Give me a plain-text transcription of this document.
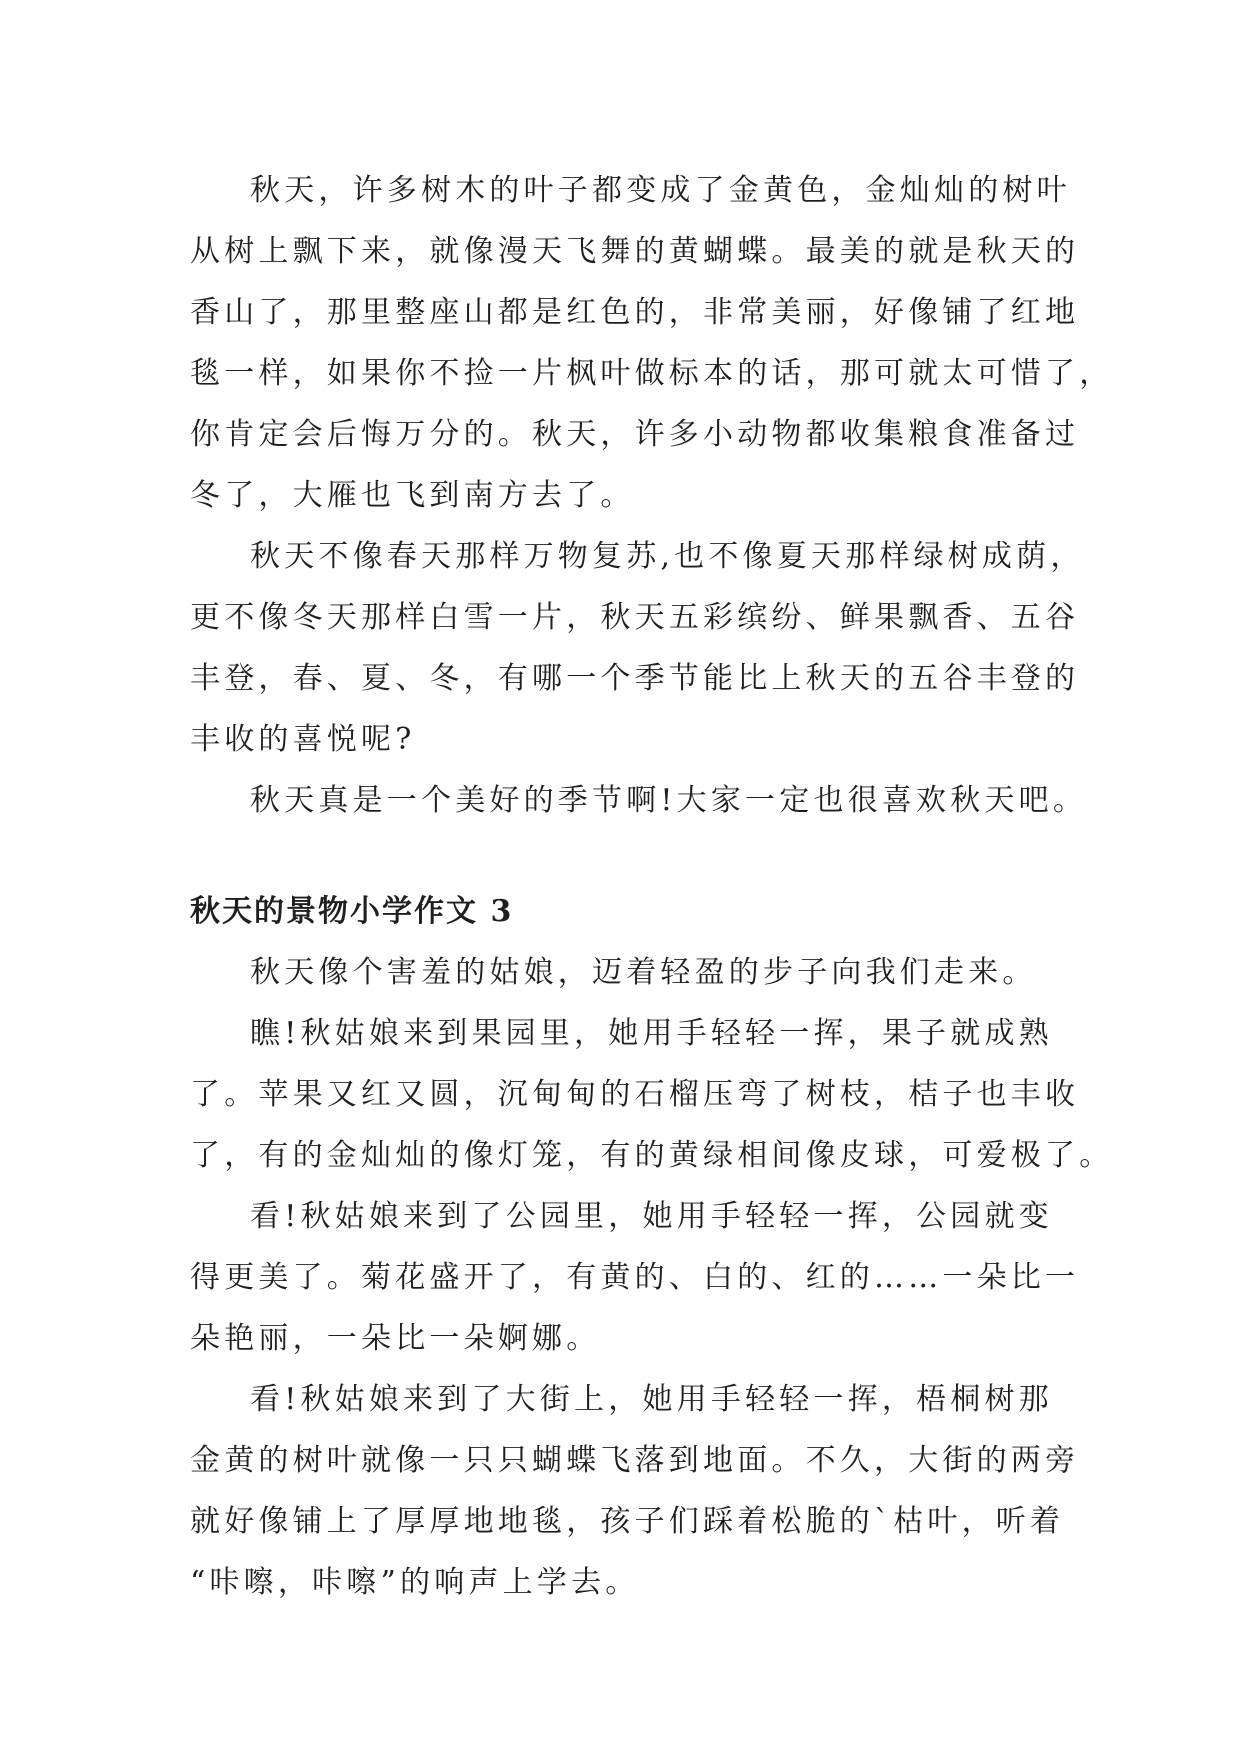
秋天，许多树木的叶子都变成了金黄色，金灿灿的树叶
从树上飘下来，就像漫天飞舞的黄蝴蝶。最美的就是秋天的
香山了，那里整座山都是红色的，非常美丽，好像铺了红地
毯一样，如果你不捡一片枫叶做标本的话，那可就太可惜了，
你肯定会后悔万分的。秋天，许多小动物都收集粮食准备过
冬了，大雁也飞到南方去了。

秋天不像春天那样万物复苏,也不像夏天那样绿树成荫，
更不像冬天那样白雪一片，秋天五彩缤纷、鲜果飘香、五谷
丰登，春、夏、冬，有哪一个季节能比上秋天的五谷丰登的
丰收的喜悦呢?

秋天真是一个美好的季节啊!大家一定也很喜欢秋天吧。

秋天的景物小学作文 3

秋天像个害羞的姑娘，迈着轻盈的步子向我们走来。

瞧!秋姑娘来到果园里，她用手轻轻一挥，果子就成熟
了。苹果又红又圆，沉甸甸的石榴压弯了树枝，桔子也丰收
了，有的金灿灿的像灯笼，有的黄绿相间像皮球，可爱极了。

看!秋姑娘来到了公园里，她用手轻轻一挥，公园就变
得更美了。菊花盛开了，有黄的、白的、红的……一朵比一
朵艳丽，一朵比一朵婀娜。

看!秋姑娘来到了大街上，她用手轻轻一挥，梧桐树那
金黄的树叶就像一只只蝴蝶飞落到地面。不久，大街的两旁
就好像铺上了厚厚地地毯，孩子们踩着松脆的`枯叶，听着
“咔嚓，咔嚓”的响声上学去。
